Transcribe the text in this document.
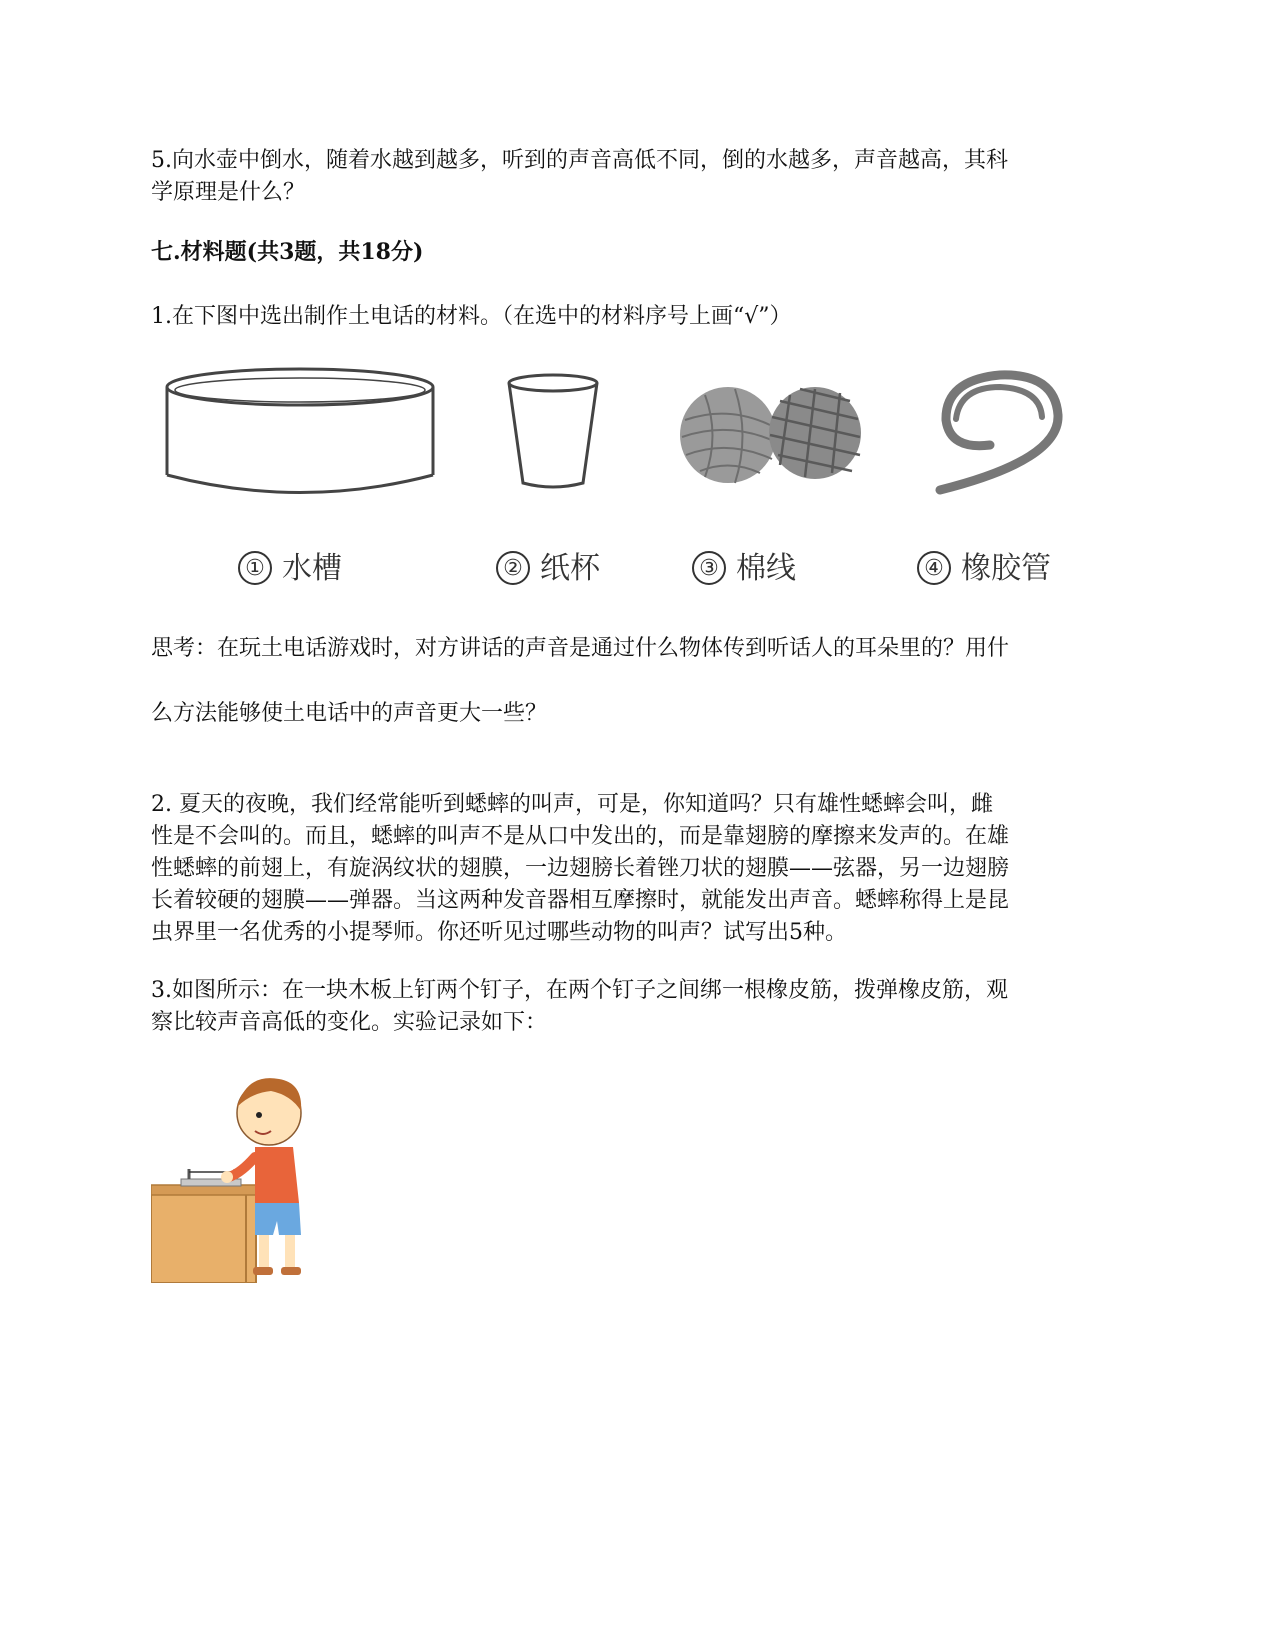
5.向水壶中倒水，随着水越到越多，听到的声音高低不同，倒的水越多，声音越高，其科
学原理是什么？
七.材料题(共3题，共18分)
1.在下图中选出制作土电话的材料。（在选中的材料序号上画“√”）
① 水槽	② 纸杯	③ 棉线	④ 橡胶管
思考：在玩土电话游戏时，对方讲话的声音是通过什么物体传到听话人的耳朵里的？用什
么方法能够使土电话中的声音更大一些？
2. 夏天的夜晚，我们经常能听到蟋蟀的叫声，可是，你知道吗？只有雄性蟋蟀会叫，雌
性是不会叫的。而且，蟋蟀的叫声不是从口中发出的，而是靠翅膀的摩擦来发声的。在雄
性蟋蟀的前翅上，有旋涡纹状的翅膜，一边翅膀长着锉刀状的翅膜——弦器，另一边翅膀
长着较硬的翅膜——弹器。当这两种发音器相互摩擦时，就能发出声音。蟋蟀称得上是昆
虫界里一名优秀的小提琴师。你还听见过哪些动物的叫声？试写出5种。
3.如图所示：在一块木板上钉两个钉子，在两个钉子之间绑一根橡皮筋，拨弹橡皮筋，观
察比较声音高低的变化。实验记录如下：
